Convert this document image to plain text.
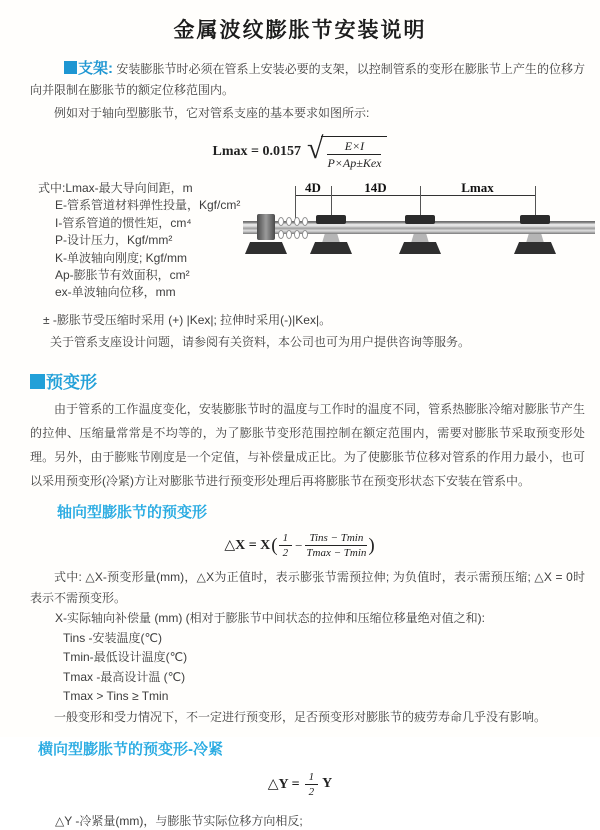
金属波纹膨胀节安装说明

支架: 安装膨胀节时必须在管系上安装必要的支架，以控制管系的变形在膨胀节上产生的位移方向并限制在膨胀节的额定位移范围内。

例如对于轴向型膨胀节，它对管系支座的基本要求如图所示:

Lmax = 0.0157 √ $\frac{E\times I}{\text{P×Ap±Kex}}$
式中:Lmax-最大导向间距，m
E-管系管道材料弹性投量，Kgf/cm²
I-管系管道的惯性矩，cm⁴
P-设计压力，Kgf/mm²
K-单波轴向刚度; Kgf/mm
Ap-膨胀节有效面积，cm²
ex-单波轴向位移，mm
4D	14D	Lmax

± -膨胀节受压缩时采用 (+) |Kex|; 拉伸时采用(-)|Kex|。

关于管系支座设计问题，请参阅有关资料，本公司也可为用户提供咨询等服务。

预变形

由于管系的工作温度变化，安装膨胀节时的温度与工作时的温度不同，管系热膨胀冷缩对膨胀节产生的拉伸、压缩量常常是不均等的，为了膨胀节变形范围控制在额定范围内，需要对膨胀节采取预变形处理。另外，由于膨账节刚度是一个定值，与补偿量成正比。为了使膨胀节位移对管系的作用力最小，也可以采用预变形(冷紧)方让对膨胀节进行预变形处理后再将膨胀节在预变形状态下安装在管系中。

轴向型膨胀节的预变形
△X = X ( $\frac{1}{2} - \frac{\text{Tins − Tmin}}{Tmax - Tmin}$ )

式中: △X-预变形量(mm)，△X为正值时，表示膨张节需预拉伸; 为负值时，表示需预压缩; △X = 0时表示不需预变形。

X-实际轴向补偿量 (mm) (相对于膨胀节中间状态的拉伸和压缩位移量绝对值之和):

Tins -安装温度(℃)

Tmin-最低设计温度(℃)

Tmax -最高设计温 (℃)

Tmax > Tins ≥ Tmin

一般变形和受力情况下，不一定进行预变形，足否预变形对膨胀节的疲劳寿命几乎没有影响。

横向型膨胀节的预变形-冷紧
△Y = $\frac{1}{2}$ Y

△Y -冷紧量(mm)，与膨胀节实际位移方向相反;
